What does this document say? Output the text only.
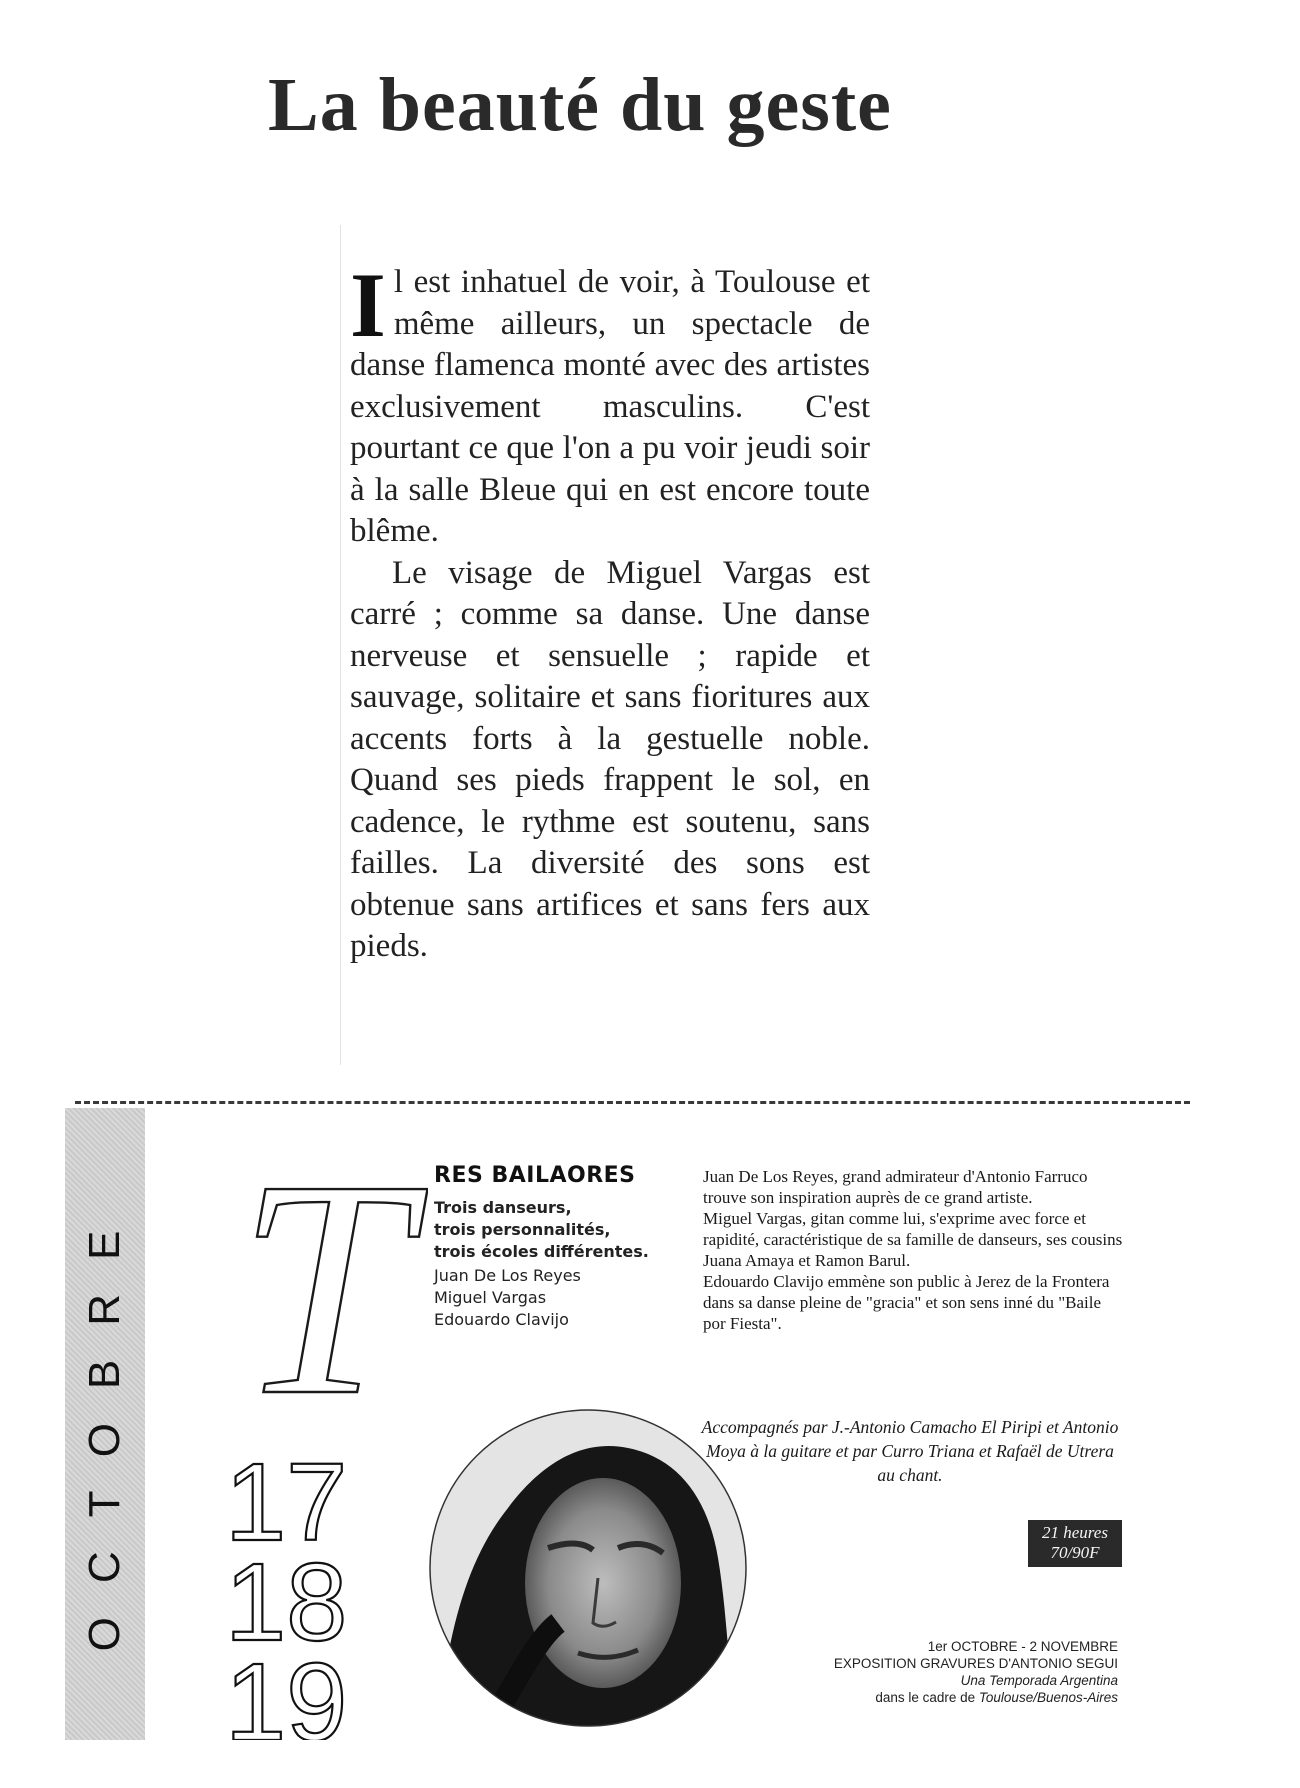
La beauté du geste

Il est inhatuel de voir, à Toulouse et même ailleurs, un spectacle de danse flamenca monté avec des artistes exclusivement masculins. C'est pourtant ce que l'on a pu voir jeudi soir à la salle Bleue qui en est encore toute blême.

Le visage de Miguel Vargas est carré ; comme sa danse. Une danse nerveuse et sensuelle ; rapide et sauvage, solitaire et sans fioritures aux accents forts à la gestuelle noble. Quand ses pieds frappent le sol, en cadence, le rythme est soutenu, sans failles. La diversité des sons est obtenue sans artifices et sans fers aux pieds.

OCTOBRE T	RES BAILAORES
Trois danseurs,
trois personnalités,
trois écoles différentes.
Juan De Los Reyes
Miguel Vargas
Edouardo Clavijo

Juan De Los Reyes, grand admirateur d'Antonio Farruco trouve son inspiration auprès de ce grand artiste.

Miguel Vargas, gitan comme lui, s'exprime avec force et rapidité, caractéristique de sa famille de danseurs, ses cousins Juana Amaya et Ramon Barul.

Edouardo Clavijo emmène son public à Jerez de la Frontera dans sa danse pleine de "gracia" et son sens inné du "Baile por Fiesta".

Accompagnés par J.-Antonio Camacho El Piripi et Antonio Moya à la guitare et par Curro Triana et Rafaël de Utrera au chant.
17
18
19
21 heures
70/90F
1er OCTOBRE - 2 NOVEMBRE
EXPOSITION GRAVURES D'ANTONIO SEGUI
Una Temporada Argentina
dans le cadre de Toulouse/Buenos-Aires
